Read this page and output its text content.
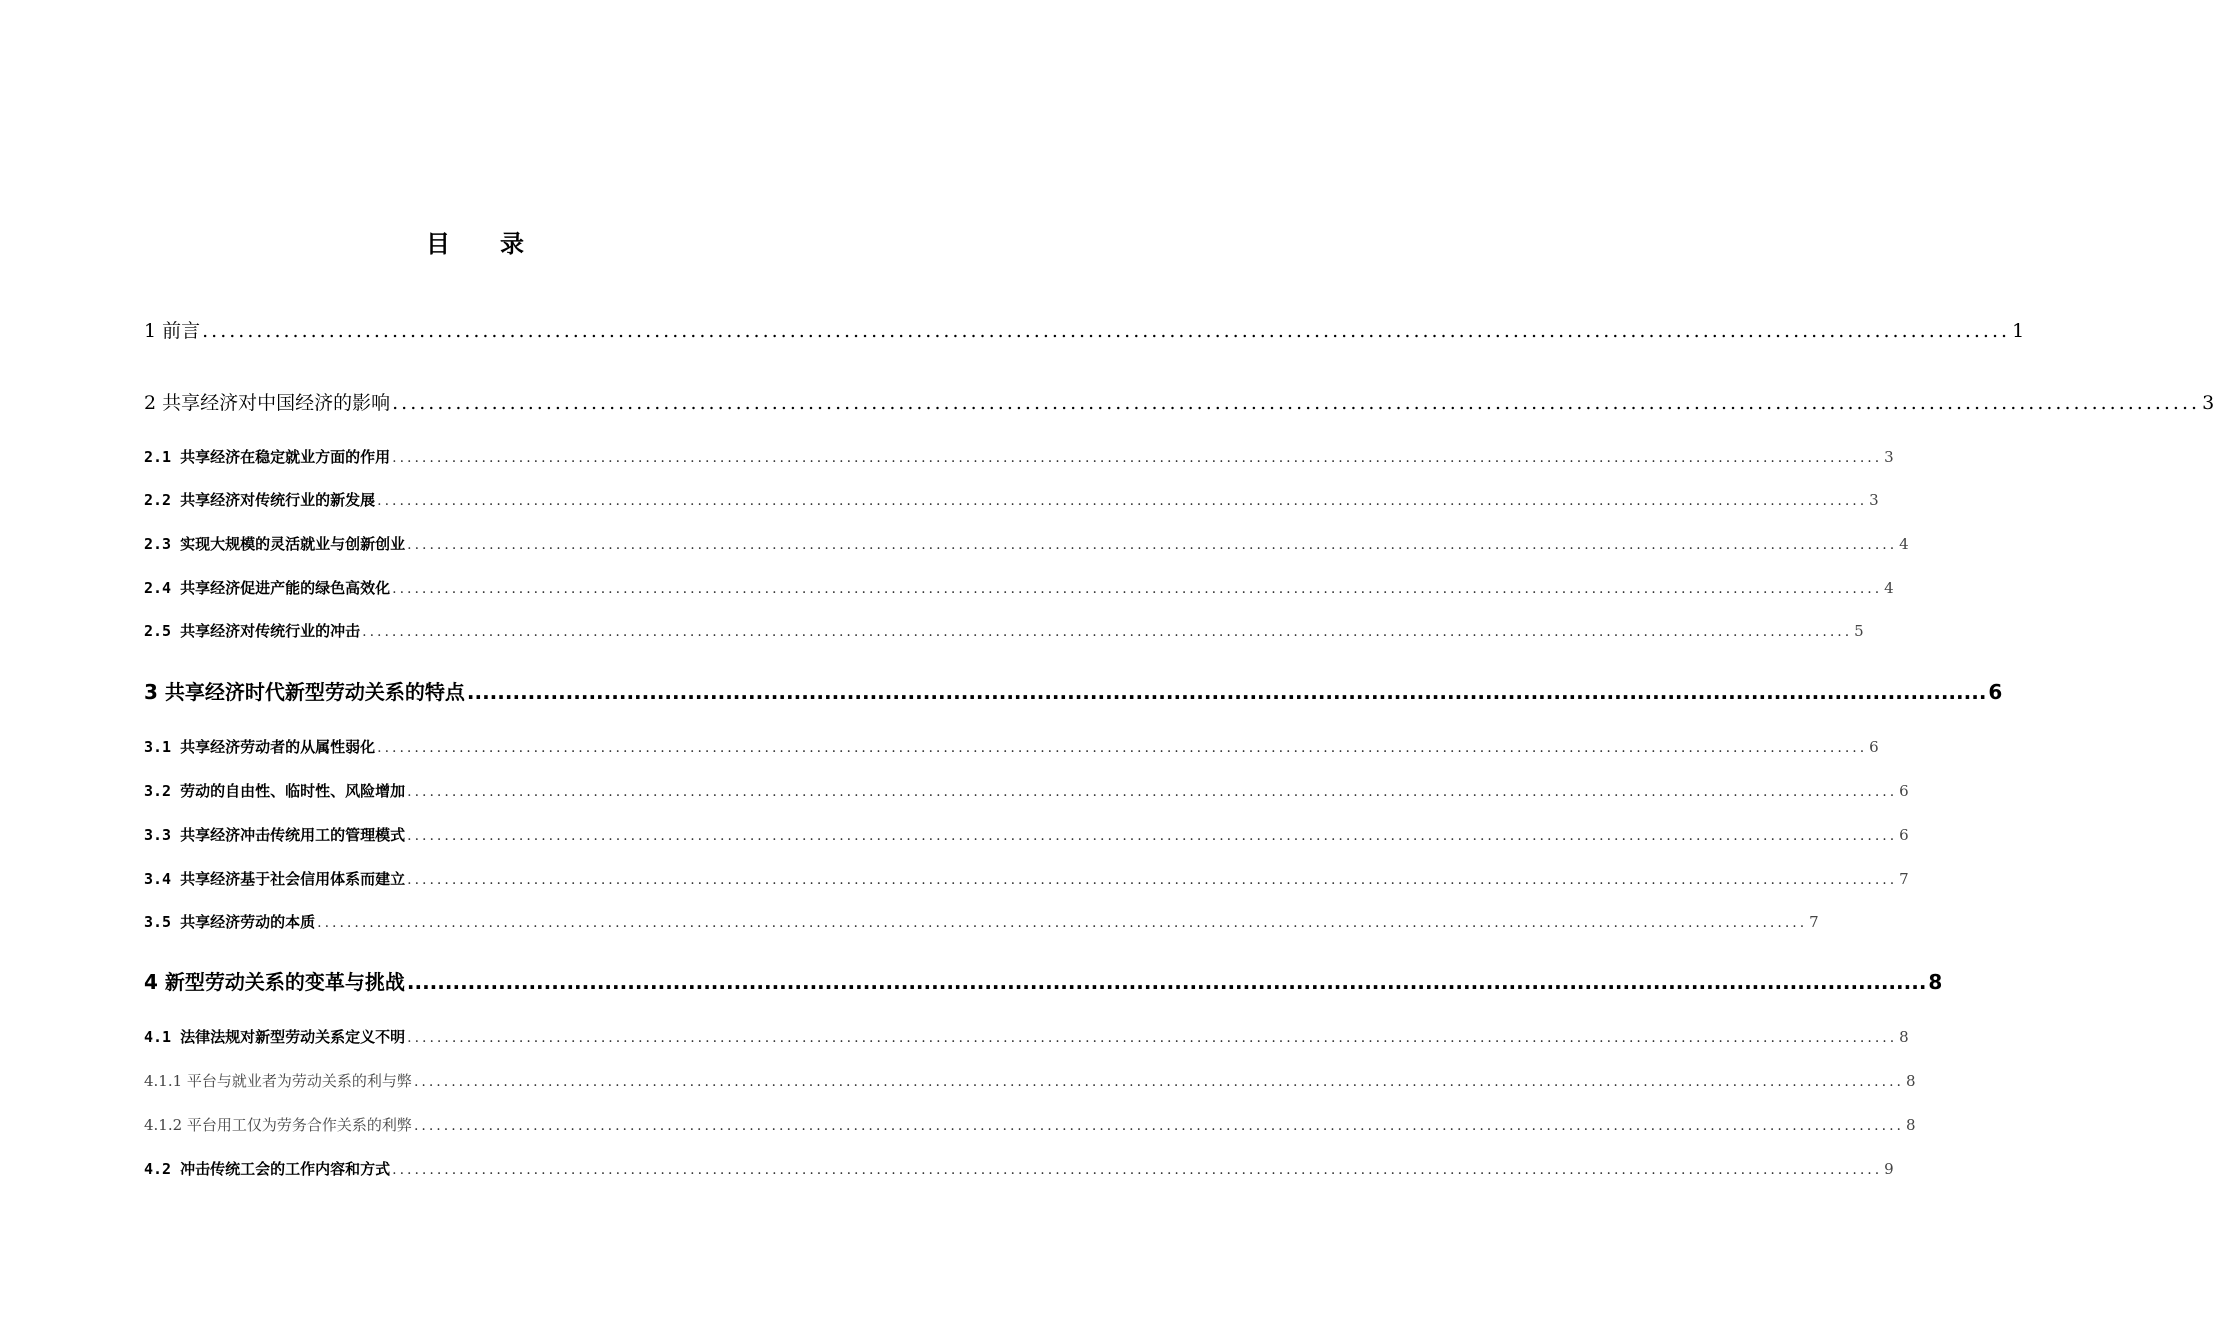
目 录
1 前言 ........................................................................................................................................................................................................ 1
2 共享经济对中国经济的影响 ........................................................................................................................................................................................................ 3
2.1 共享经济在稳定就业方面的作用 ........................................................................................................................................................................................................ 3
2.2 共享经济对传统行业的新发展 ........................................................................................................................................................................................................ 3
2.3 实现大规模的灵活就业与创新创业 ........................................................................................................................................................................................................ 4
2.4 共享经济促进产能的绿色高效化 ........................................................................................................................................................................................................ 4
2.5 共享经济对传统行业的冲击 ........................................................................................................................................................................................................ 5
3 共享经济时代新型劳动关系的特点 ........................................................................................................................................................................................................ 6
3.1 共享经济劳动者的从属性弱化 ........................................................................................................................................................................................................ 6
3.2 劳动的自由性、临时性、风险增加 ........................................................................................................................................................................................................ 6
3.3 共享经济冲击传统用工的管理模式 ........................................................................................................................................................................................................ 6
3.4 共享经济基于社会信用体系而建立 ........................................................................................................................................................................................................ 7
3.5 共享经济劳动的本质 ........................................................................................................................................................................................................ 7
4 新型劳动关系的变革与挑战 ........................................................................................................................................................................................................ 8
4.1 法律法规对新型劳动关系定义不明 ........................................................................................................................................................................................................ 8
4.1.1 平台与就业者为劳动关系的利与弊 ........................................................................................................................................................................................................ 8
4.1.2 平台用工仅为劳务合作关系的利弊 ........................................................................................................................................................................................................ 8
4.2 冲击传统工会的工作内容和方式 ........................................................................................................................................................................................................ 9
